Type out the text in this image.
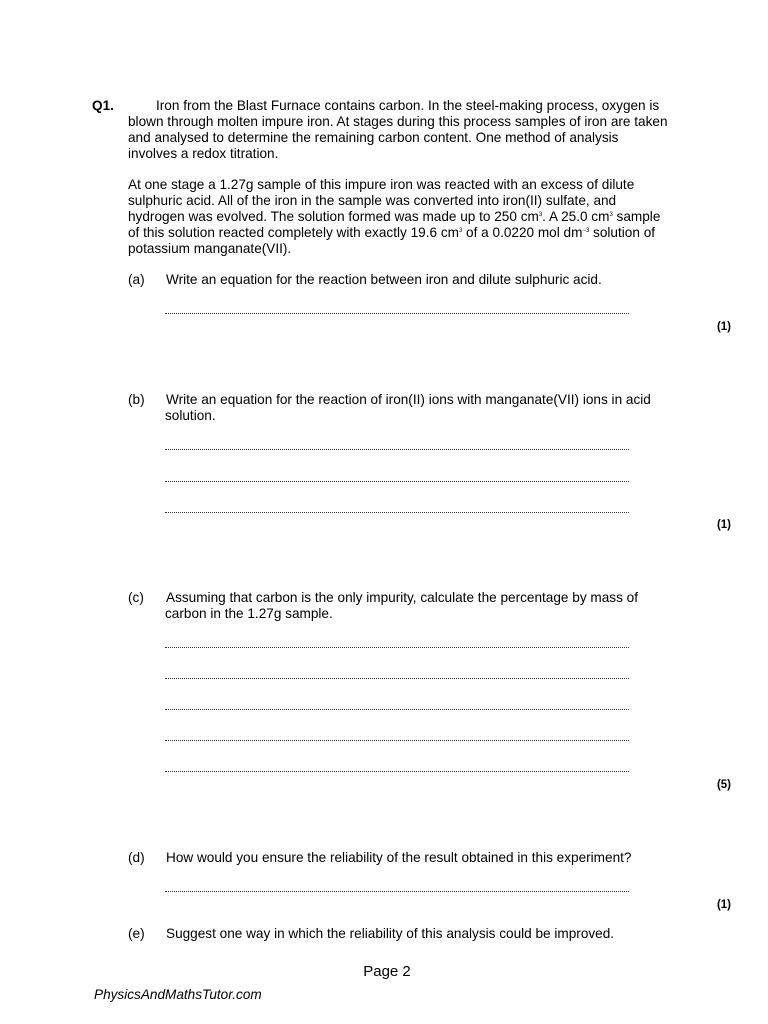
Q1.	Iron from the Blast Furnace contains carbon. In the steel-making process, oxygen is
blown through molten impure iron. At stages during this process samples of iron are taken
and analysed to determine the remaining carbon content. One method of analysis
involves a redox titration.
At one stage a 1.27g sample of this impure iron was reacted with an excess of dilute
sulphuric acid. All of the iron in the sample was converted into iron(II) sulfate, and
hydrogen was evolved. The solution formed was made up to 250 $cm^3$. A 25.0 $cm^3$ sample
of this solution reacted completely with exactly 19.6 $cm^3$ of a 0.0220 mol $dm^{-3}$ solution of
potassium manganate(VII).
(a) Write an equation for the reaction between iron and dilute sulphuric acid.
(1)
(b) Write an equation for the reaction of iron(II) ions with manganate(VII) ions in acid
solution.
(1)
(c) Assuming that carbon is the only impurity, calculate the percentage by mass of
carbon in the 1.27g sample.
(5)
(d) How would you ensure the reliability of the result obtained in this experiment?
(1)
(e) Suggest one way in which the reliability of this analysis could be improved.
Page 2
PhysicsAndMathsTutor.com
